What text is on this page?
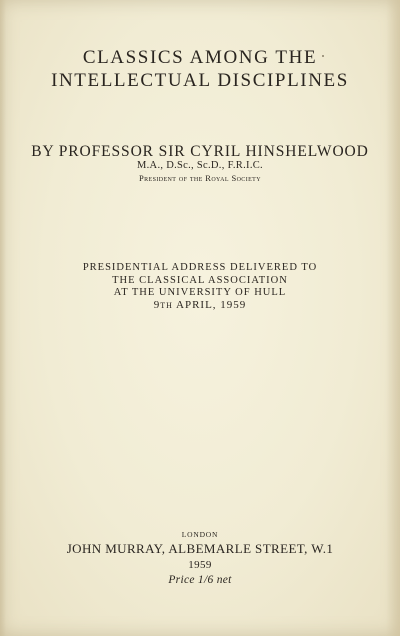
CLASSICS AMONG THE
INTELLECTUAL DISCIPLINES
BY PROFESSOR SIR CYRIL HINSHELWOOD
M.A., D.Sc., Sc.D., F.R.I.C.
President of the Royal Society
PRESIDENTIAL ADDRESS DELIVERED TO
THE CLASSICAL ASSOCIATION
AT THE UNIVERSITY OF HULL
9th APRIL, 1959
LONDON
JOHN MURRAY, ALBEMARLE STREET, W.1
1959
Price 1/6 net
